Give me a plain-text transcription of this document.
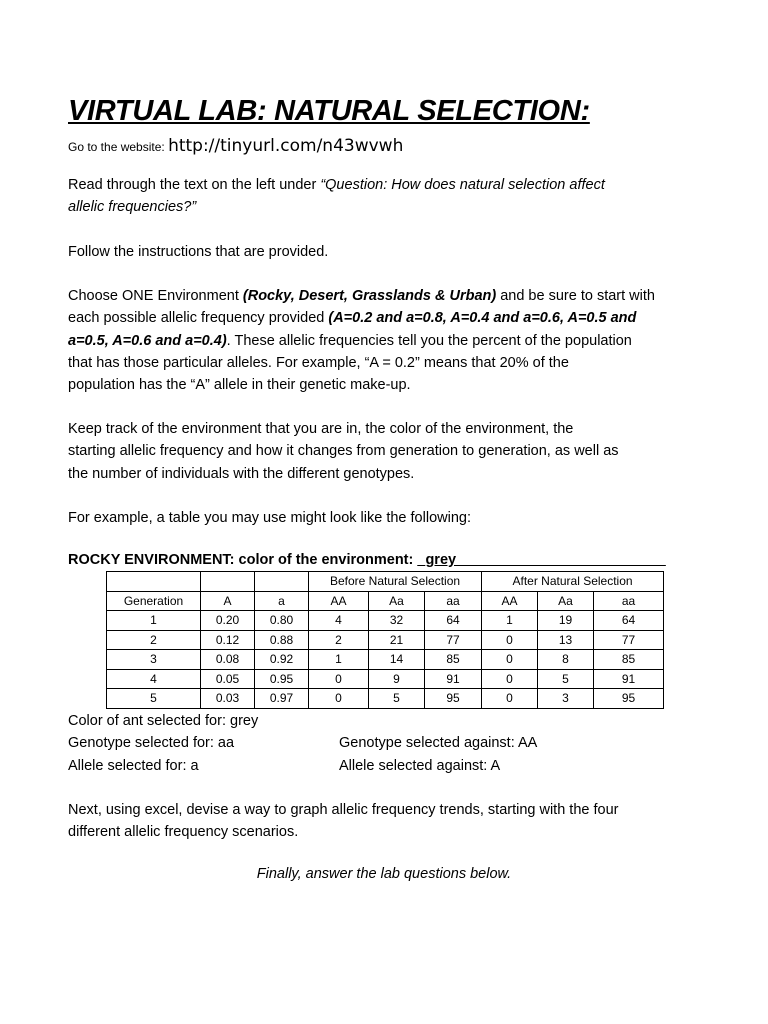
VIRTUAL LAB: NATURAL SELECTION:
Go to the website: http://tinyurl.com/n43wvwh
Read through the text on the left under “Question: How does natural selection affect
allelic frequencies?”
Follow the instructions that are provided.
Choose ONE Environment (Rocky, Desert, Grasslands & Urban) and be sure to start with
each possible allelic frequency provided (A=0.2 and a=0.8, A=0.4 and a=0.6, A=0.5 and
a=0.5, A=0.6 and a=0.4). These allelic frequencies tell you the percent of the population
that has those particular alleles. For example, “A = 0.2” means that 20% of the
population has the “A” allele in their genetic make-up.
Keep track of the environment that you are in, the color of the environment, the
starting allelic frequency and how it changes from generation to generation, as well as
the number of individuals with the different genotypes.
For example, a table you may use might look like the following:
ROCKY ENVIRONMENT: color of the environment: _grey__________________________
			Before Natural Selection			After Natural Selection		
Generation	A	a	AA	Aa	aa	AA	Aa	aa
1	0.20	0.80	4	32	64	1	19	64
2	0.12	0.88	2	21	77	0	13	77
3	0.08	0.92	1	14	85	0	8	85
4	0.05	0.95	0	9	91	0	5	91
5	0.03	0.97	0	5	95	0	3	95
Color of ant selected for: grey
Genotype selected for: aa	Genotype selected against: AA
Allele selected for: a	Allele selected against: A
Next, using excel, devise a way to graph allelic frequency trends, starting with the four
different allelic frequency scenarios.
Finally, answer the lab questions below.
